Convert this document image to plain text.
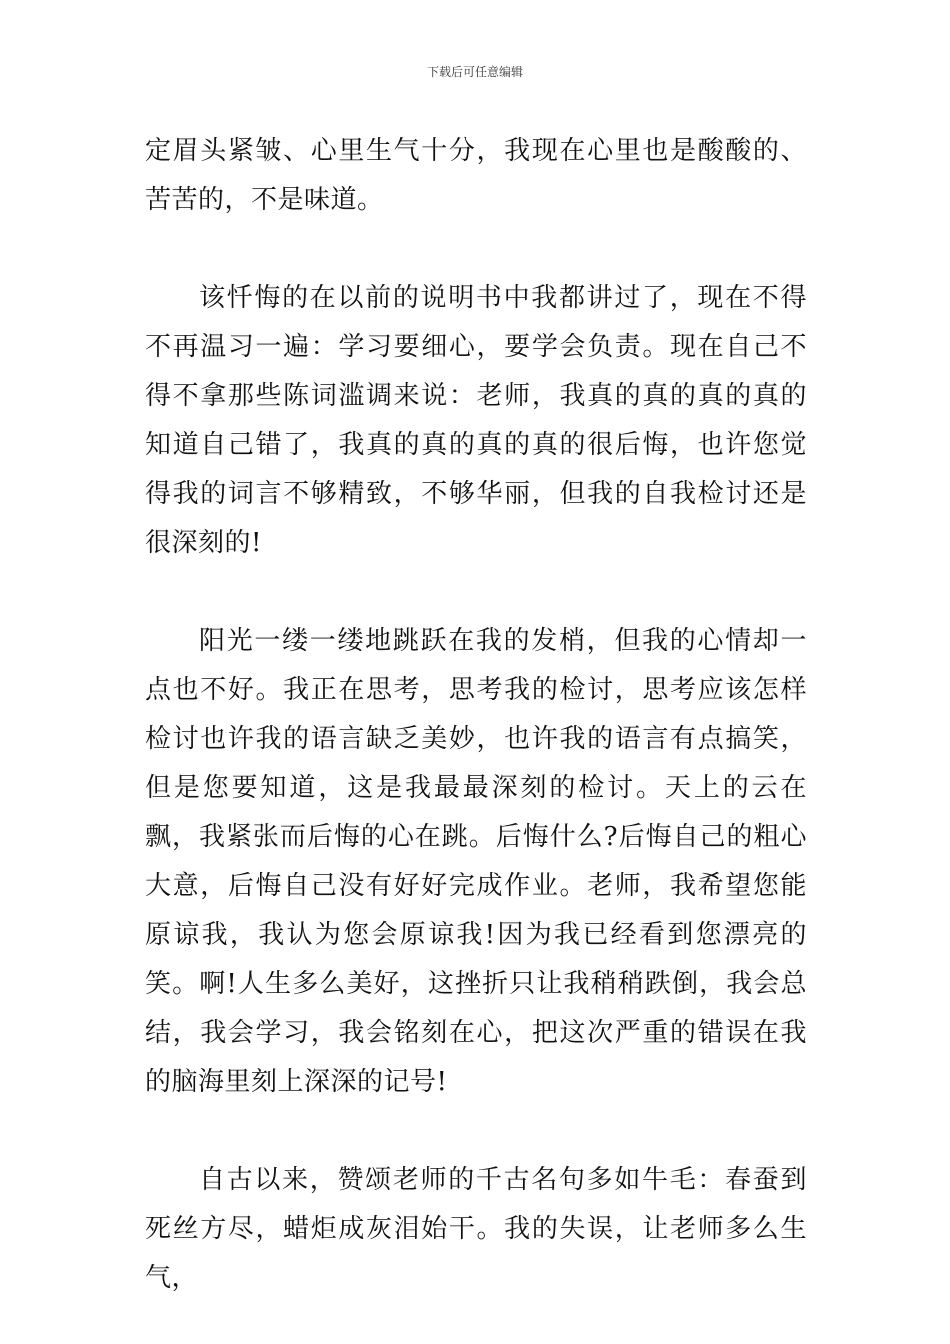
下载后可任意编辑

定眉头紧皱、心里生气十分，我现在心里也是酸酸的、苦苦的，不是味道。

该忏悔的在以前的说明书中我都讲过了，现在不得不再温习一遍：学习要细心，要学会负责。现在自己不得不拿那些陈词滥调来说：老师，我真的真的真的真的知道自己错了，我真的真的真的真的很后悔，也许您觉得我的词言不够精致，不够华丽，但我的自我检讨还是很深刻的!

阳光一缕一缕地跳跃在我的发梢，但我的心情却一点也不好。我正在思考，思考我的检讨，思考应该怎样检讨也许我的语言缺乏美妙，也许我的语言有点搞笑，但是您要知道，这是我最最深刻的检讨。天上的云在飘，我紧张而后悔的心在跳。后悔什么?后悔自己的粗心大意，后悔自己没有好好完成作业。老师，我希望您能原谅我，我认为您会原谅我!因为我已经看到您漂亮的笑。啊!人生多么美好，这挫折只让我稍稍跌倒，我会总结，我会学习，我会铭刻在心，把这次严重的错误在我的脑海里刻上深深的记号!

自古以来，赞颂老师的千古名句多如牛毛：春蚕到死丝方尽，蜡炬成灰泪始干。我的失误，让老师多么生气，
